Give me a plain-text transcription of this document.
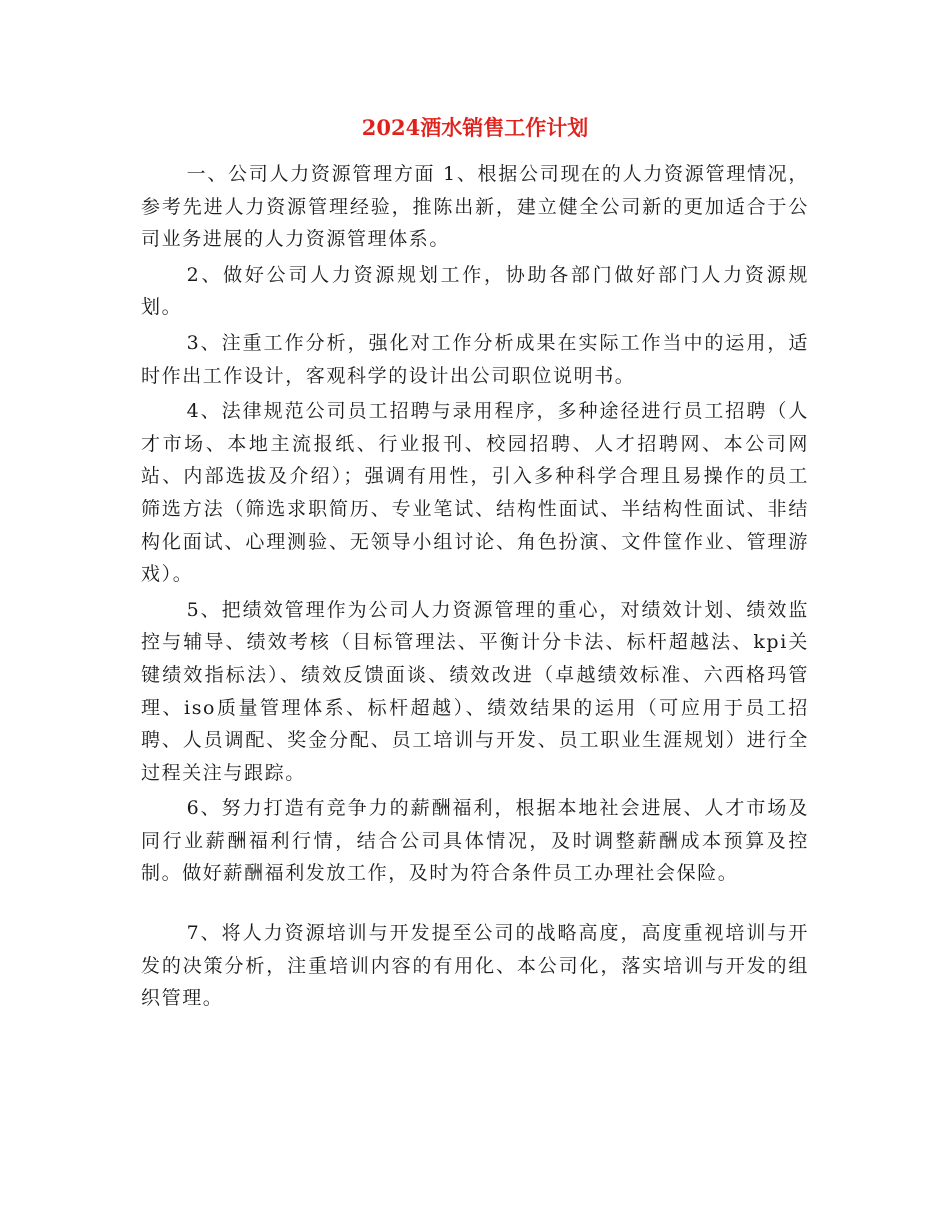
2024酒水销售工作计划

一、公司人力资源管理方面 1、根据公司现在的人力资源管理情况，参考先进人力资源管理经验，推陈出新，建立健全公司新的更加适合于公司业务进展的人力资源管理体系。

2、做好公司人力资源规划工作，协助各部门做好部门人力资源规划。

3、注重工作分析，强化对工作分析成果在实际工作当中的运用，适时作出工作设计，客观科学的设计出公司职位说明书。

4、法律规范公司员工招聘与录用程序，多种途径进行员工招聘（人才市场、本地主流报纸、行业报刊、校园招聘、人才招聘网、本公司网站、内部选拔及介绍）；强调有用性，引入多种科学合理且易操作的员工筛选方法（筛选求职简历、专业笔试、结构性面试、半结构性面试、非结构化面试、心理测验、无领导小组讨论、角色扮演、文件筐作业、管理游戏）。

5、把绩效管理作为公司人力资源管理的重心，对绩效计划、绩效监控与辅导、绩效考核（目标管理法、平衡计分卡法、标杆超越法、kpi关键绩效指标法）、绩效反馈面谈、绩效改进（卓越绩效标准、六西格玛管理、iso质量管理体系、标杆超越）、绩效结果的运用（可应用于员工招聘、人员调配、奖金分配、员工培训与开发、员工职业生涯规划）进行全过程关注与跟踪。

6、努力打造有竞争力的薪酬福利，根据本地社会进展、人才市场及同行业薪酬福利行情，结合公司具体情况，及时调整薪酬成本预算及控制。做好薪酬福利发放工作，及时为符合条件员工办理社会保险。

7、将人力资源培训与开发提至公司的战略高度，高度重视培训与开发的决策分析，注重培训内容的有用化、本公司化，落实培训与开发的组织管理。
